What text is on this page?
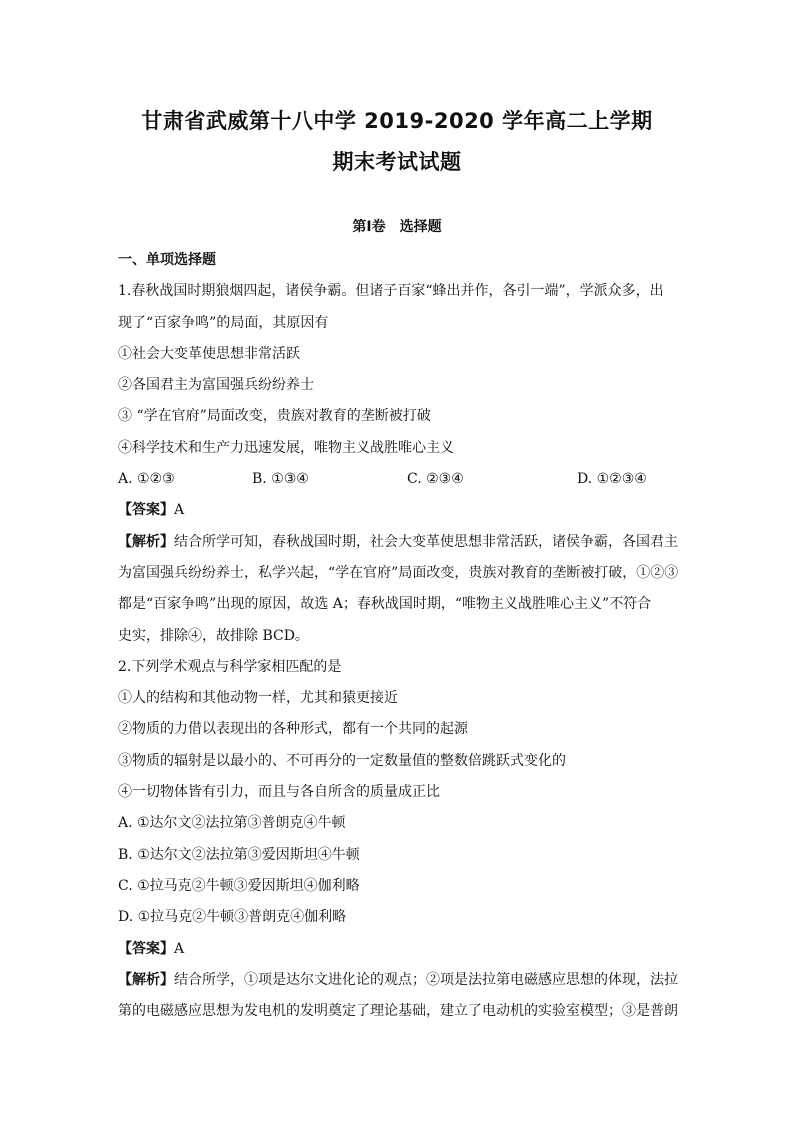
甘肃省武威第十八中学 2019-2020 学年高二上学期
期末考试试题
第Ⅰ卷　选择题
一、单项选择题
1.春秋战国时期狼烟四起，诸侯争霸。但诸子百家“蜂出并作，各引一端”，学派众多，出
现了“百家争鸣”的局面，其原因有
①社会大变革使思想非常活跃
②各国君主为富国强兵纷纷养士
③ “学在官府”局面改变，贵族对教育的垄断被打破
④科学技术和生产力迅速发展，唯物主义战胜唯心主义
A. ①②③	B. ①③④	C. ②③④	D. ①②③④
【答案】A
【解析】结合所学可知，春秋战国时期，社会大变革使思想非常活跃，诸侯争霸，各国君主
为富国强兵纷纷养士，私学兴起，“学在官府”局面改变，贵族对教育的垄断被打破，①②③
都是“百家争鸣”出现的原因，故选 A；春秋战国时期，“唯物主义战胜唯心主义”不符合
史实，排除④，故排除 BCD。
2.下列学术观点与科学家相匹配的是
①人的结构和其他动物一样，尤其和猿更接近
②物质的力借以表现出的各种形式，都有一个共同的起源
③物质的辐射是以最小的、不可再分的一定数量值的整数倍跳跃式变化的
④一切物体皆有引力，而且与各自所含的质量成正比
A. ①达尔文②法拉第③普朗克④牛顿
B. ①达尔文②法拉第③爱因斯坦④牛顿
C. ①拉马克②牛顿③爱因斯坦④伽利略
D. ①拉马克②牛顿③普朗克④伽利略
【答案】A
【解析】结合所学，①项是达尔文进化论的观点；②项是法拉第电磁感应思想的体现，法拉
第的电磁感应思想为发电机的发明奠定了理论基础，建立了电动机的实验室模型；③是普朗
